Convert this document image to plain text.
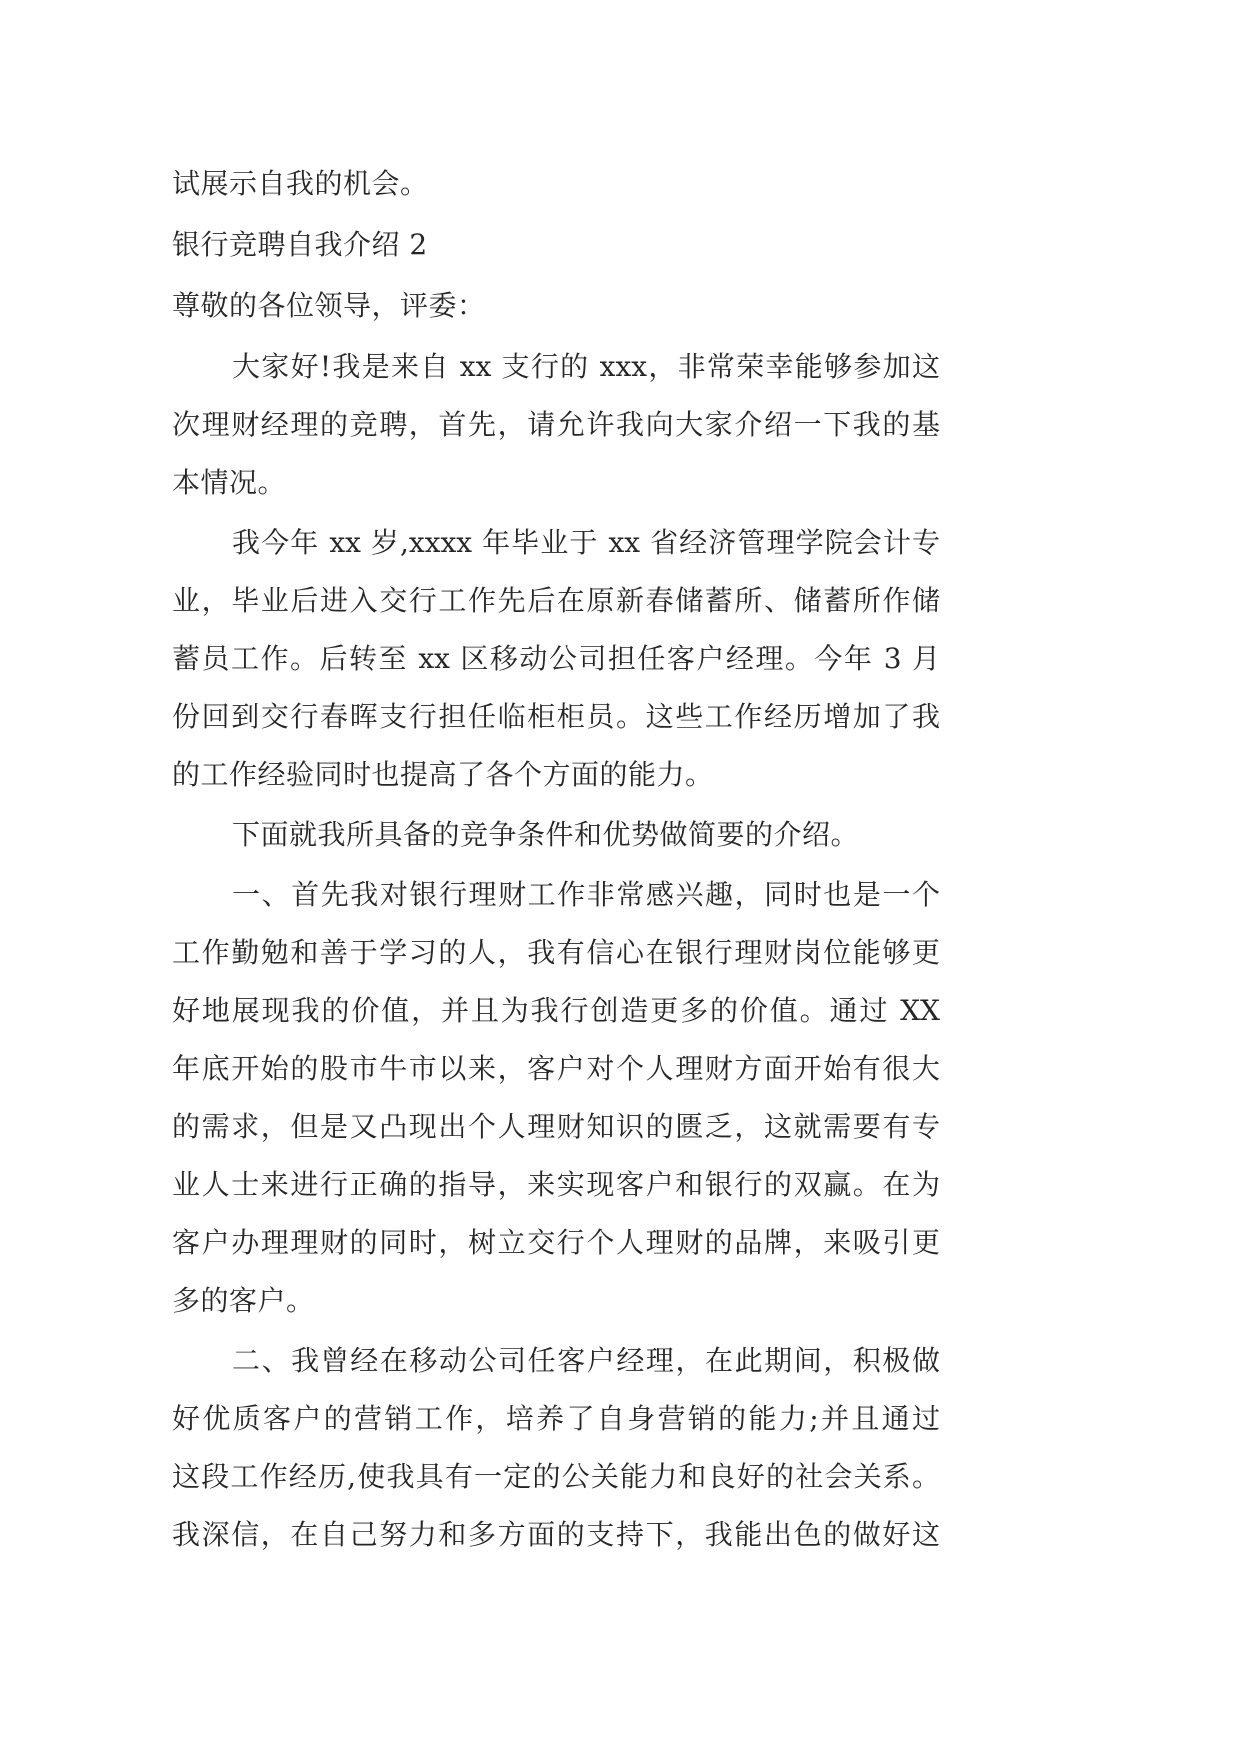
试展示自我的机会。
银行竞聘自我介绍 2
尊敬的各位领导，评委：
大家好!我是来自 xx 支行的 xxx，非常荣幸能够参加这
次理财经理的竞聘，首先，请允许我向大家介绍一下我的基
本情况。
我今年 xx 岁,xxxx 年毕业于 xx 省经济管理学院会计专
业，毕业后进入交行工作先后在原新春储蓄所、储蓄所作储
蓄员工作。后转至 xx 区移动公司担任客户经理。今年 3 月
份回到交行春晖支行担任临柜柜员。这些工作经历增加了我
的工作经验同时也提高了各个方面的能力。
下面就我所具备的竞争条件和优势做简要的介绍。
一、首先我对银行理财工作非常感兴趣，同时也是一个
工作勤勉和善于学习的人，我有信心在银行理财岗位能够更
好地展现我的价值，并且为我行创造更多的价值。通过 XX
年底开始的股市牛市以来，客户对个人理财方面开始有很大
的需求，但是又凸现出个人理财知识的匮乏，这就需要有专
业人士来进行正确的指导，来实现客户和银行的双赢。在为
客户办理理财的同时，树立交行个人理财的品牌，来吸引更
多的客户。
二、我曾经在移动公司任客户经理，在此期间，积极做
好优质客户的营销工作，培养了自身营销的能力;并且通过
这段工作经历,使我具有一定的公关能力和良好的社会关系。
我深信，在自己努力和多方面的支持下，我能出色的做好这
